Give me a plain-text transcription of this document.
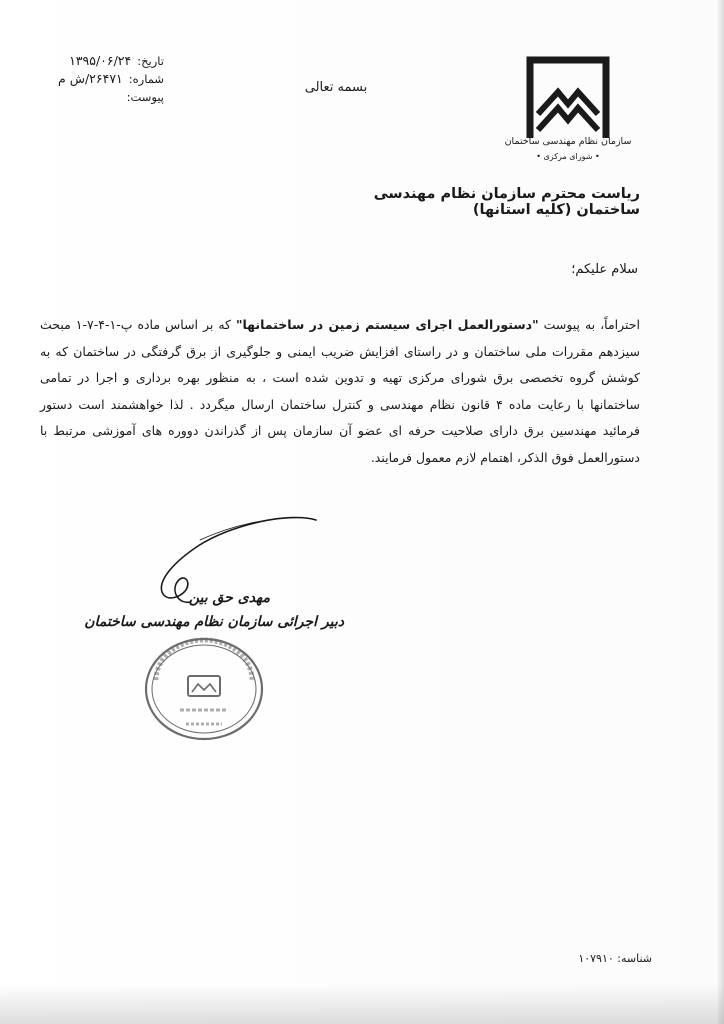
تاریخ:
۱۳۹۵/۰۶/۲۴
شماره:
۲۶۴۷۱/ش م
پیوست:
بسمه تعالی
سازمان نظام مهندسی ساختمان
• شورای مرکزی •
ریاست محترم سازمان نظام مهندسی ساختمان (کلیه استانها)
سلام علیکم؛
احتراماً، به پیوست "دستورالعمل اجرای سیستم زمین در ساختمانها" که بر اساس ماده پ-۱-۴-۷-۱ مبحث سیزدهم مقررات ملی ساختمان و در راستای افزایش ضریب ایمنی و جلوگیری از برق گرفتگی در ساختمان که به کوشش گروه تخصصی برق شورای مرکزی تهیه و تدوین شده است ، به منظور بهره برداری و اجرا در تمامی ساختمانها با رعایت ماده ۴ قانون نظام مهندسی و کنترل ساختمان ارسال میگردد . لذا خواهشمند است دستور فرمائید مهندسین برق دارای صلاحیت حرفه ای عضو آن سازمان پس از گذراندن دووره های آموزشی مرتبط با دستورالعمل فوق الذکر، اهتمام لازم معمول فرمایند.
مهدی حق بین
دبیر اجرائی سازمان نظام مهندسی ساختمان
شناسه: ۱۰۷۹۱۰
